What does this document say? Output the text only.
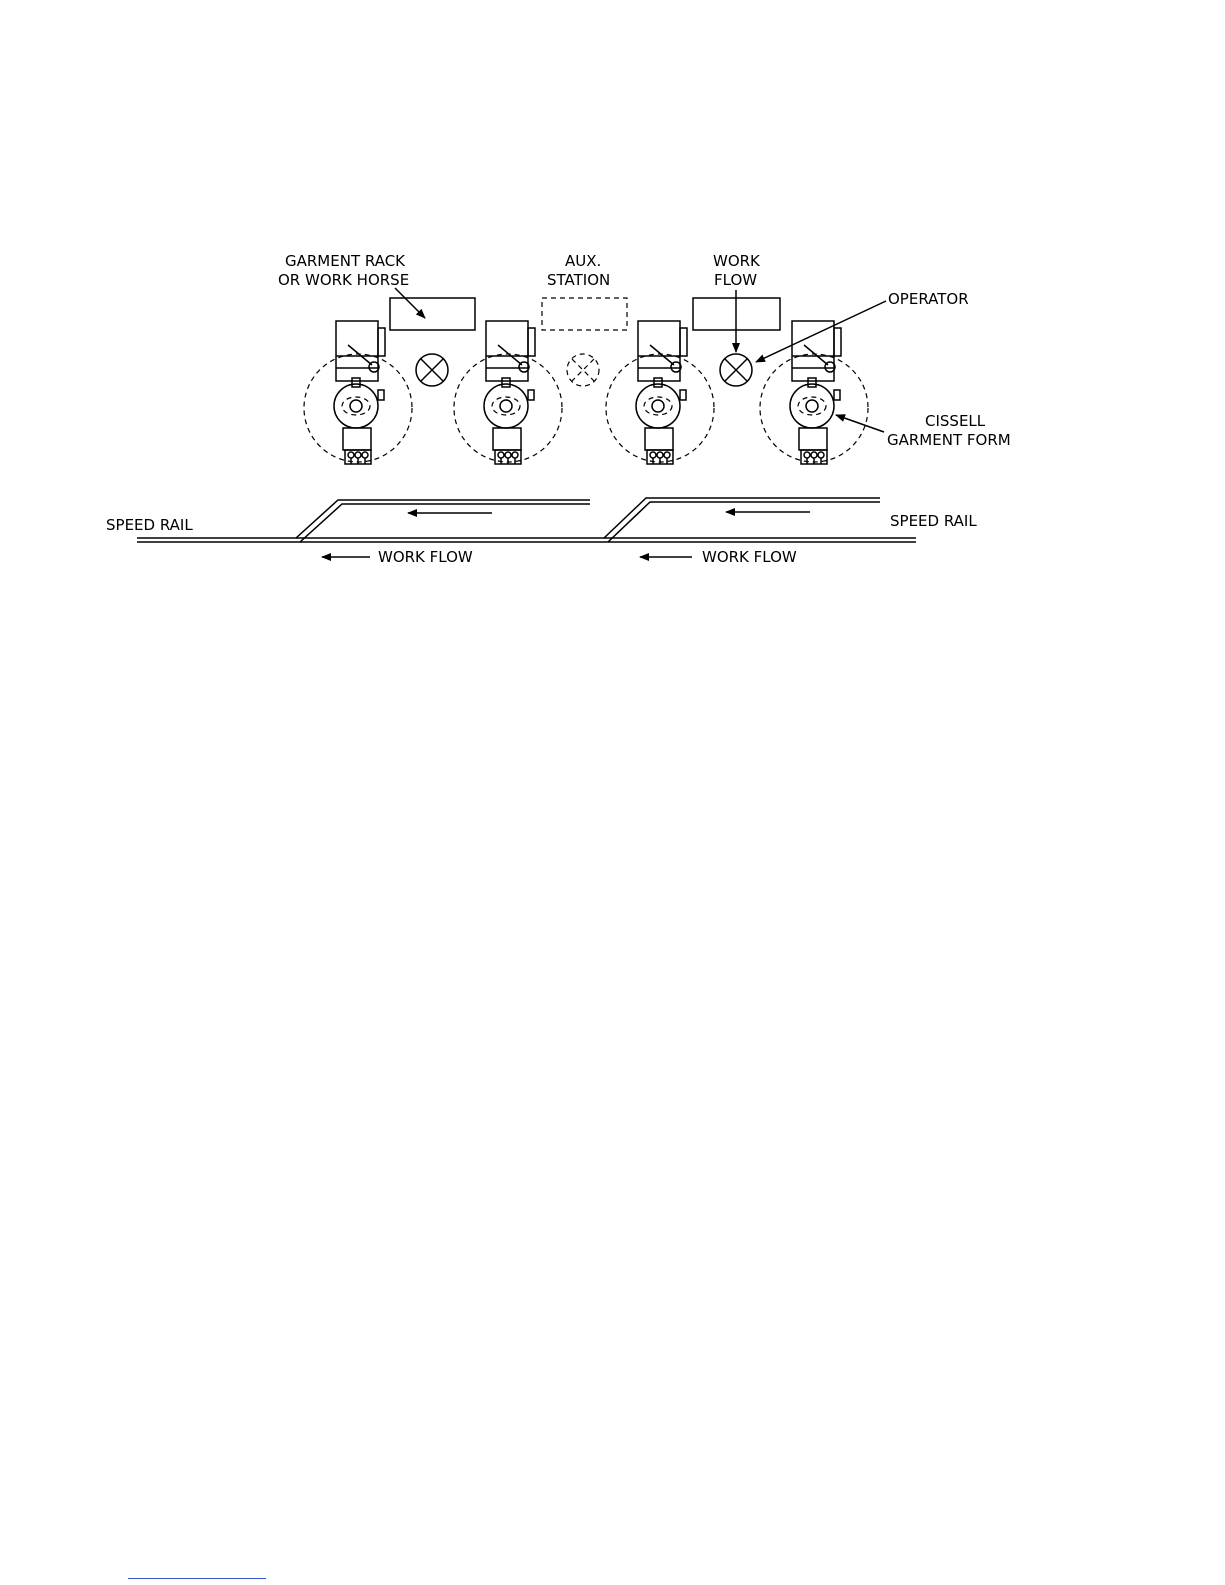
GARMENT RACK
OR WORK HORSE
AUX.
STATION
WORK
FLOW
OPERATOR
CISSELL
GARMENT FORM
SPEED RAIL	SPEED RAIL
WORK FLOW	WORK FLOW
